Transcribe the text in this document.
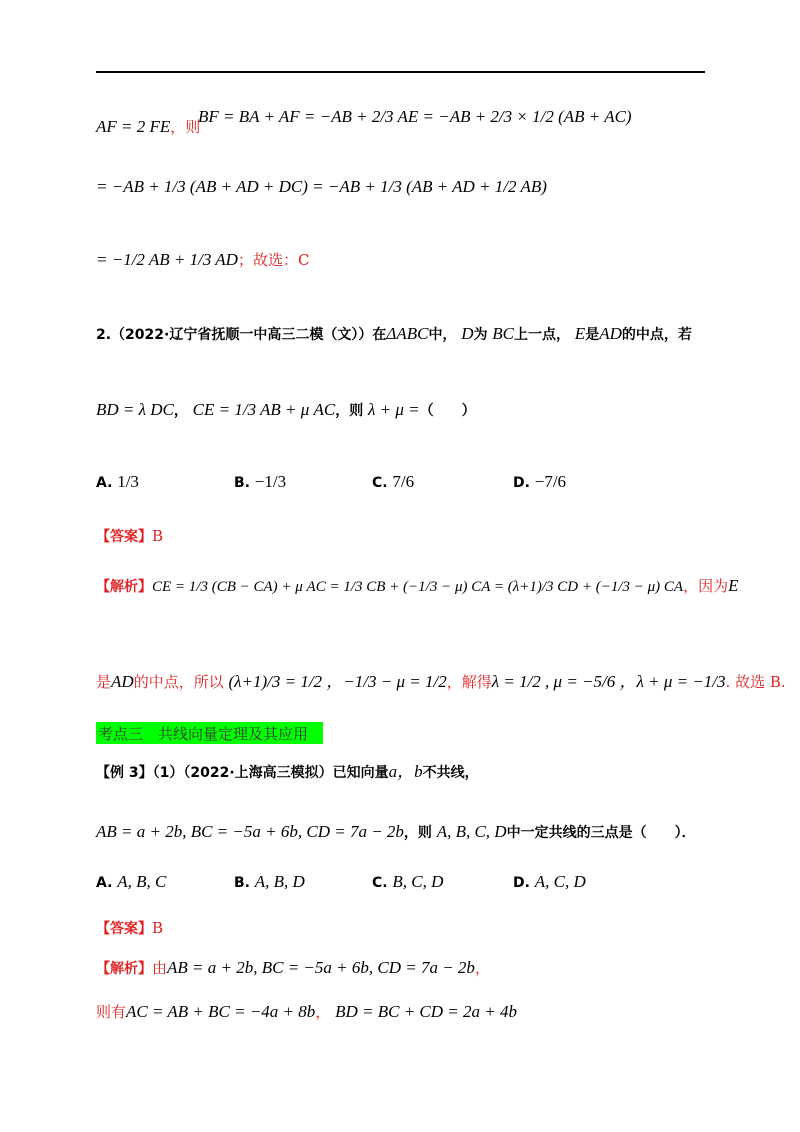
AF = 2 FE，则
BF = BA + AF = −AB + 2/3 AE = −AB + 2/3 × 1/2 (AB + AC)
= −AB + 1/3 (AB + AD + DC) = −AB + 1/3 (AB + AD + 1/2 AB)
= −1/2 AB + 1/3 AD；故选：C
2.（2022·辽宁省抚顺一中高三二模（文））在ΔABC中， D为 BC上一点， E是AD的中点，若
BD = λ DC， CE = 1/3 AB + μ AC，则 λ + μ =（　　）
A. 1/3	B. −1/3	C. 7/6	D. −7/6
【答案】B
【解析】CE = 1/3 (CB − CA) + μ AC = 1/3 CB + (−1/3 − μ) CA = (λ+1)/3 CD + (−1/3 − μ) CA，因为E
是AD的中点，所以 (λ+1)/3 = 1/2 ，−1/3 − μ = 1/2，解得λ = 1/2 , μ = −5/6 ，λ + μ = −1/3. 故选 B.
考点三　共线向量定理及其应用
【例 3】（1）（2022·上海高三模拟）已知向量a，b不共线，
AB = a + 2b, BC = −5a + 6b, CD = 7a − 2b，则 A, B, C, D中一定共线的三点是（　　）．
A. A, B, C	B. A, B, D	C. B, C, D	D. A, C, D
【答案】B
【解析】由AB = a + 2b, BC = −5a + 6b, CD = 7a − 2b，
则有AC = AB + BC = −4a + 8b， BD = BC + CD = 2a + 4b
